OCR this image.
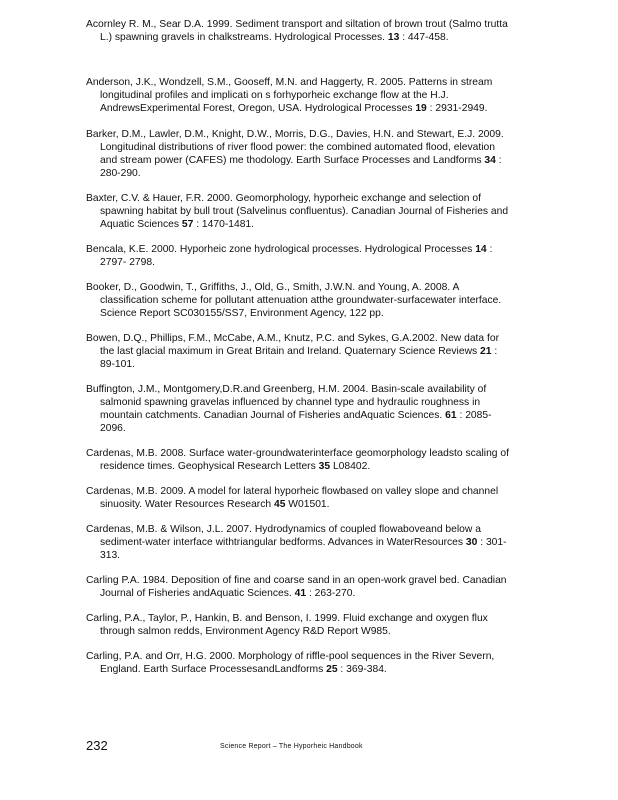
Acornley R. M., Sear D.A. 1999. Sediment transport and siltation of brown trout (Salmo trutta L.) spawning gravels in chalkstreams. Hydrological Processes. 13 : 447-458.

Anderson, J.K., Wondzell, S.M., Gooseff, M.N. and Haggerty, R. 2005. Patterns in stream longitudinal profiles and implicati on s forhyporheic exchange flow at the H.J. AndrewsExperimental Forest, Oregon, USA. Hydrological Processes 19 : 2931-2949.

Barker, D.M., Lawler, D.M., Knight, D.W., Morris, D.G., Davies, H.N. and Stewart, E.J. 2009. Longitudinal distributions of river flood power: the combined automated flood, elevation and stream power (CAFES) me thodology. Earth Surface Processes and Landforms 34 : 280-290.

Baxter, C.V. & Hauer, F.R. 2000. Geomorphology, hyporheic exchange and selection of spawning habitat by bull trout (Salvelinus confluentus). Canadian Journal of Fisheries and Aquatic Sciences 57 : 1470-1481.

Bencala, K.E. 2000. Hyporheic zone hydrological processes. Hydrological Processes 14 : 2797- 2798.

Booker, D., Goodwin, T., Griffiths, J., Old, G., Smith, J.W.N. and Young, A. 2008. A classification scheme for pollutant attenuation atthe groundwater-surfacewater interface. Science Report SC030155/SS7, Environment Agency, 122 pp.

Bowen, D.Q., Phillips, F.M., McCabe, A.M., Knutz, P.C. and Sykes, G.A.2002. New data for the last glacial maximum in Great Britain and Ireland. Quaternary Science Reviews 21 : 89-101.

Buffington, J.M., Montgomery,D.R.and Greenberg, H.M. 2004. Basin-scale availability of salmonid spawning gravelas influenced by channel type and hydraulic roughness in mountain catchments. Canadian Journal of Fisheries andAquatic Sciences. 61 : 2085-2096.

Cardenas, M.B. 2008. Surface water-groundwaterinterface geomorphology leadsto scaling of residence times. Geophysical Research Letters 35 L08402.

Cardenas, M.B. 2009. A model for lateral hyporheic flowbased on valley slope and channel sinuosity. Water Resources Research 45 W01501.

Cardenas, M.B. & Wilson, J.L. 2007. Hydrodynamics of coupled flowaboveand below a sediment-water interface withtriangular bedforms. Advances in WaterResources 30 : 301-313.

Carling P.A. 1984. Deposition of fine and coarse sand in an open-work gravel bed. Canadian Journal of Fisheries andAquatic Sciences. 41 : 263-270.

Carling, P.A., Taylor, P., Hankin, B. and Benson, I. 1999. Fluid exchange and oxygen flux through salmon redds, Environment Agency R&D Report W985.

Carling, P.A. and Orr, H.G. 2000. Morphology of riffle-pool sequences in the River Severn, England. Earth Surface ProcessesandLandforms 25 : 369-384.

232	Science Report – The Hyporheic Handbook
